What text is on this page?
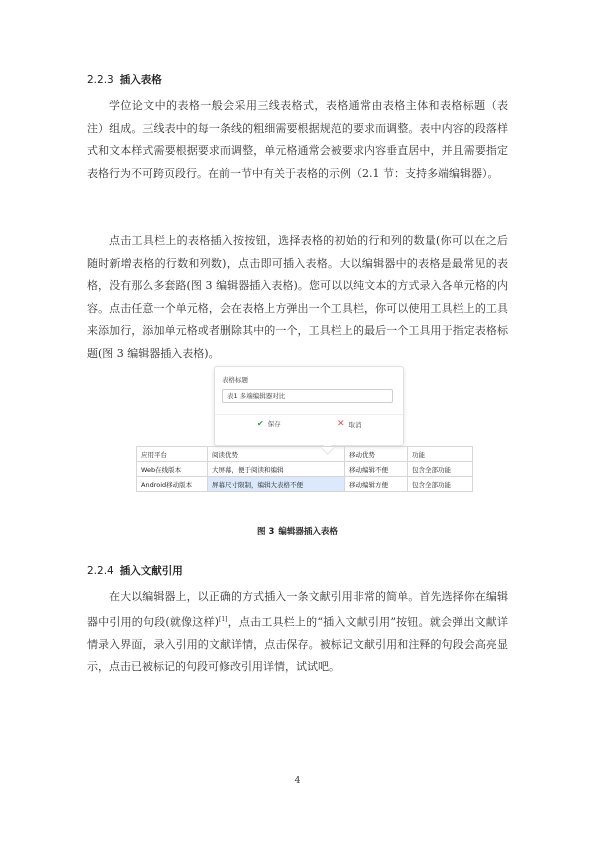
2.2.3 插入表格

学位论文中的表格一般会采用三线表格式，表格通常由表格主体和表格标题（表注）组成。三线表中的每一条线的粗细需要根据规范的要求而调整。表中内容的段落样式和文本样式需要根据要求而调整，单元格通常会被要求内容垂直居中，并且需要指定表格行为不可跨页段行。在前一节中有关于表格的示例（2.1 节：支持多端编辑器）。

点击工具栏上的表格插入按按钮，选择表格的初始的行和列的数量(你可以在之后随时新增表格的行数和列数)，点击即可插入表格。大以编辑器中的表格是最常见的表格，没有那么多套路(图 3 编辑器插入表格)。您可以以纯文本的方式录入各单元格的内容。点击任意一个单元格，会在表格上方弹出一个工具栏，你可以使用工具栏上的工具来添加行，添加单元格或者删除其中的一个，工具栏上的最后一个工具用于指定表格标题(图 3 编辑器插入表格)。

表格标题
表1 多端编辑器对比
✔ 保存	✕ 取消
应用平台	阅读优势	移动优势	功能
Web在线版本	大屏幕，便于阅读和编辑	移动编辑不便	包含全部功能
Android移动版本	屏幕尺寸限制，编辑大表格不便	移动编辑方便	包含全部功能
图 3 编辑器插入表格
2.2.4 插入文献引用

在大以编辑器上，以正确的方式插入一条文献引用非常的简单。首先选择你在编辑器中引用的句段(就像这样)[1]，点击工具栏上的“插入文献引用”按钮。就会弹出文献详情录入界面，录入引用的文献详情，点击保存。被标记文献引用和注释的句段会高亮显示，点击已被标记的句段可修改引用详情，试试吧。

4
